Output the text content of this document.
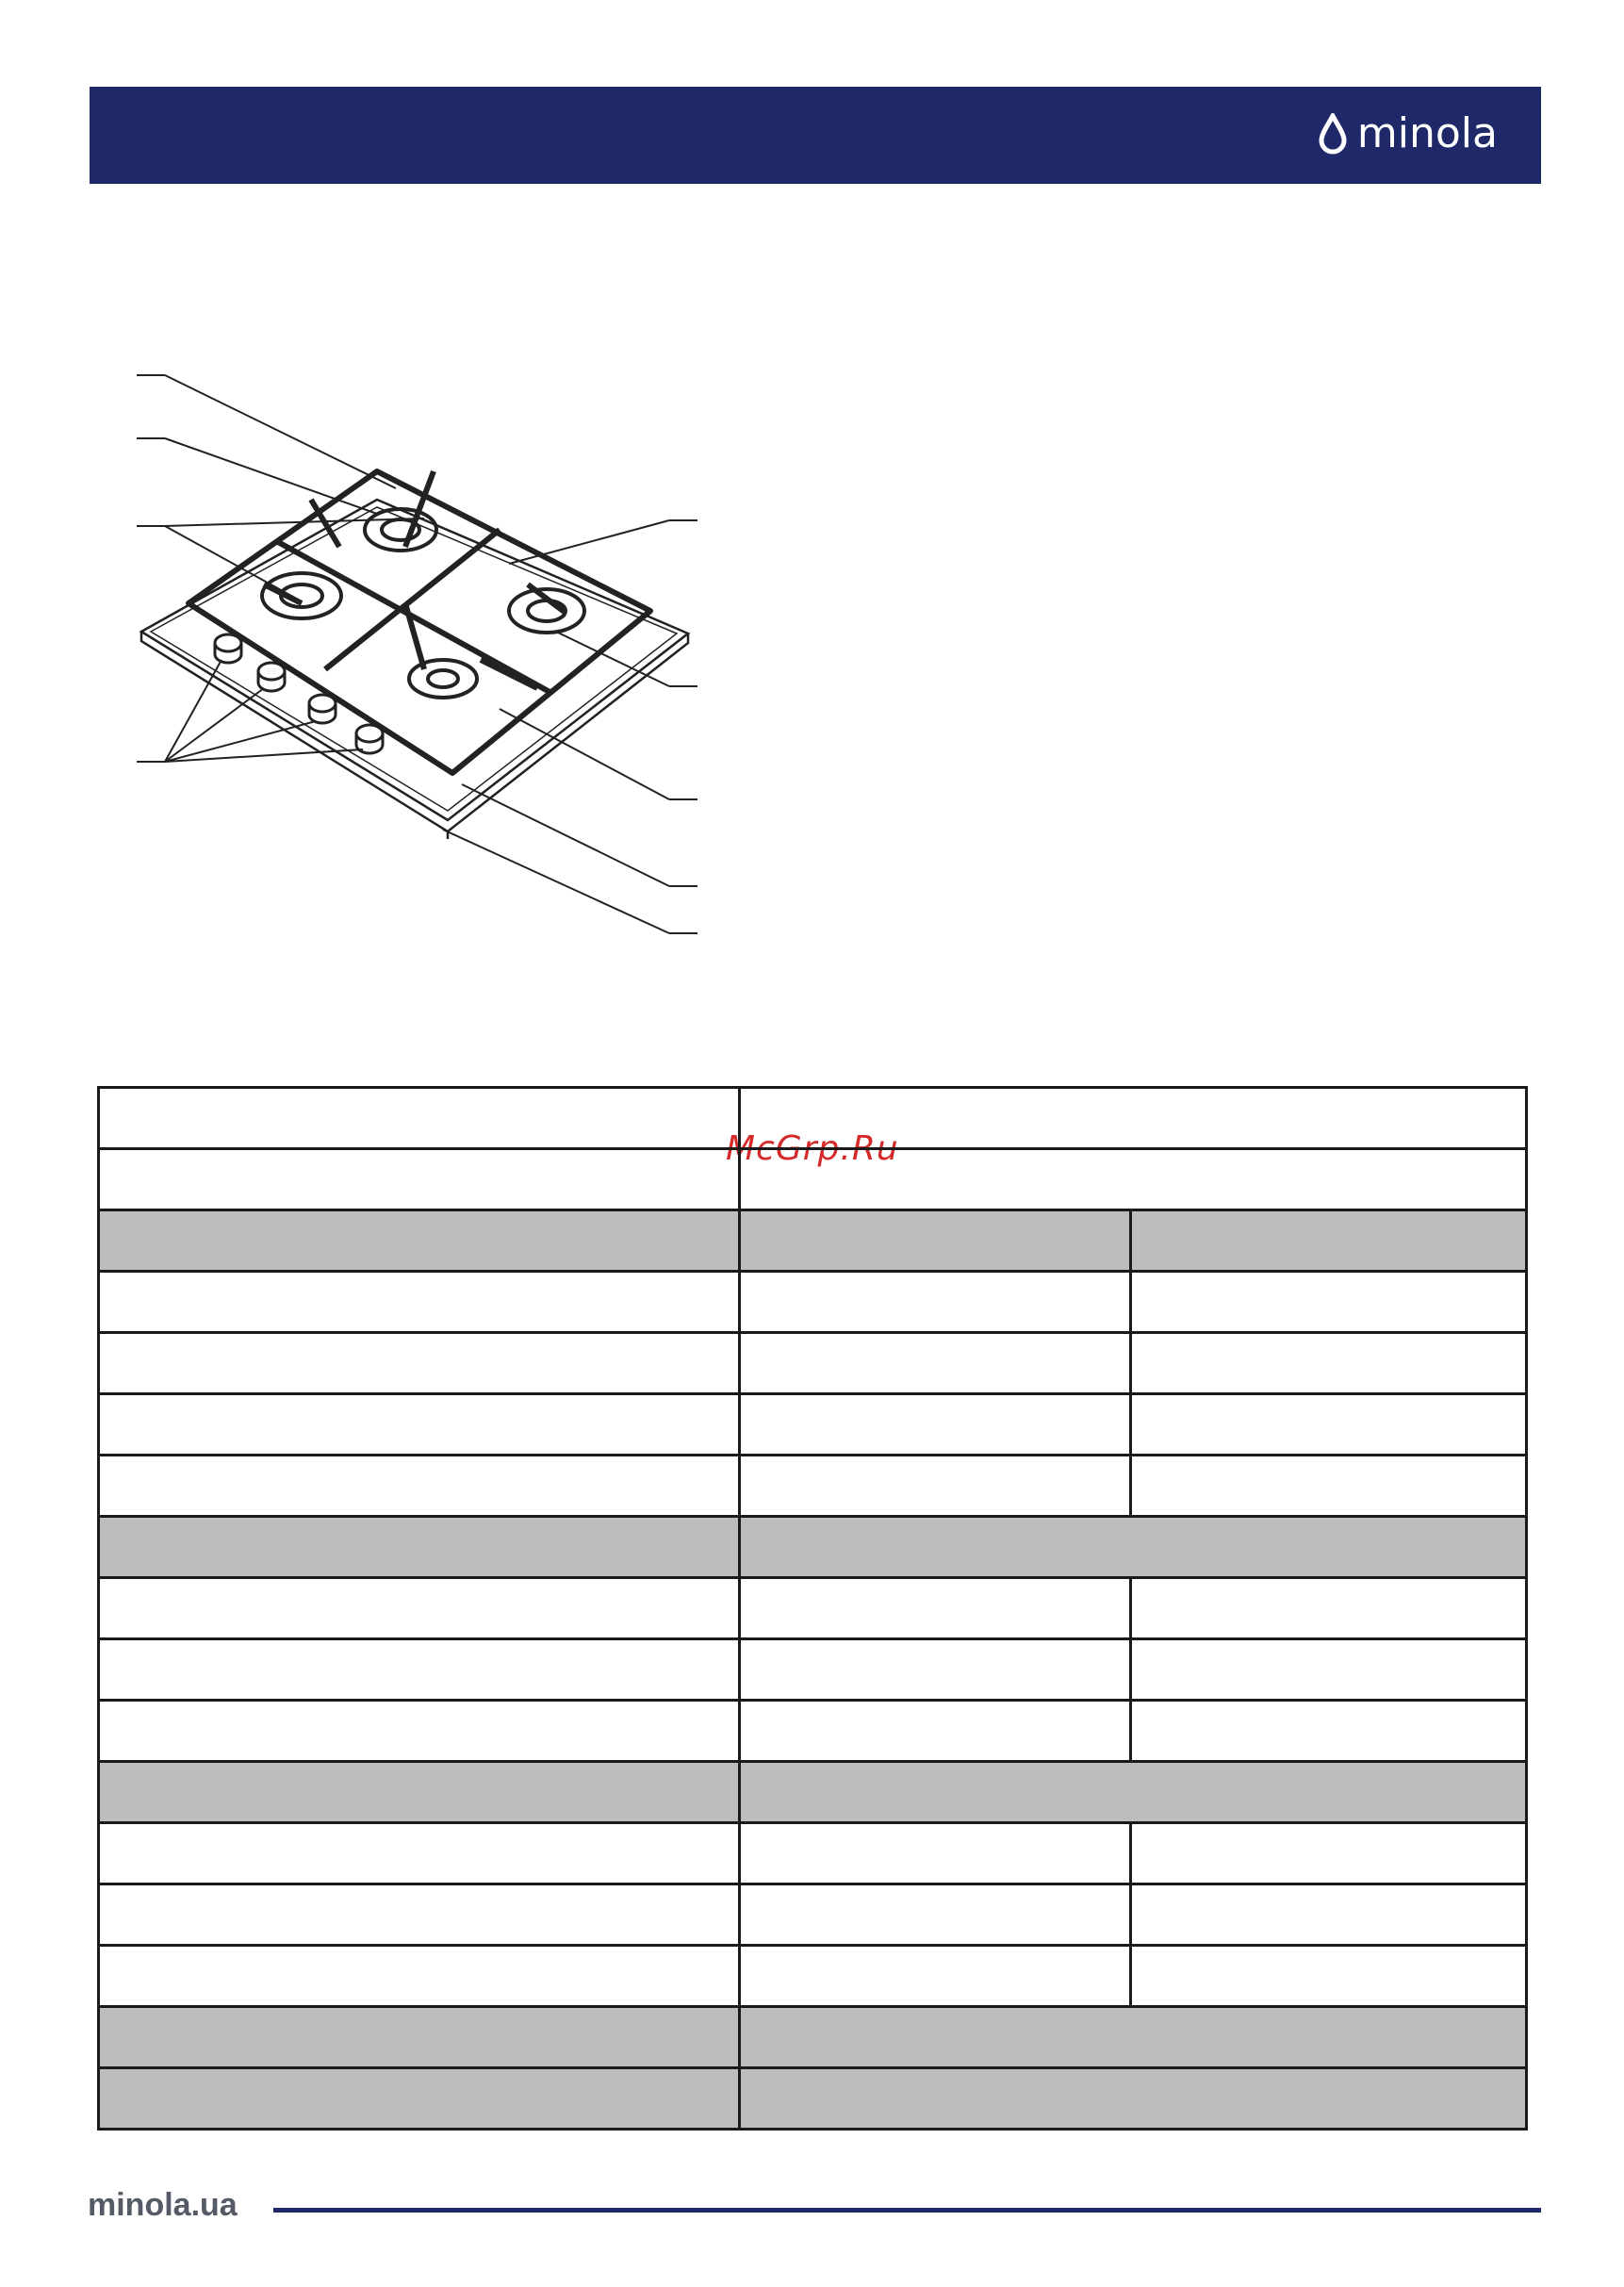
minola
McGrp.Ru

minola.ua
